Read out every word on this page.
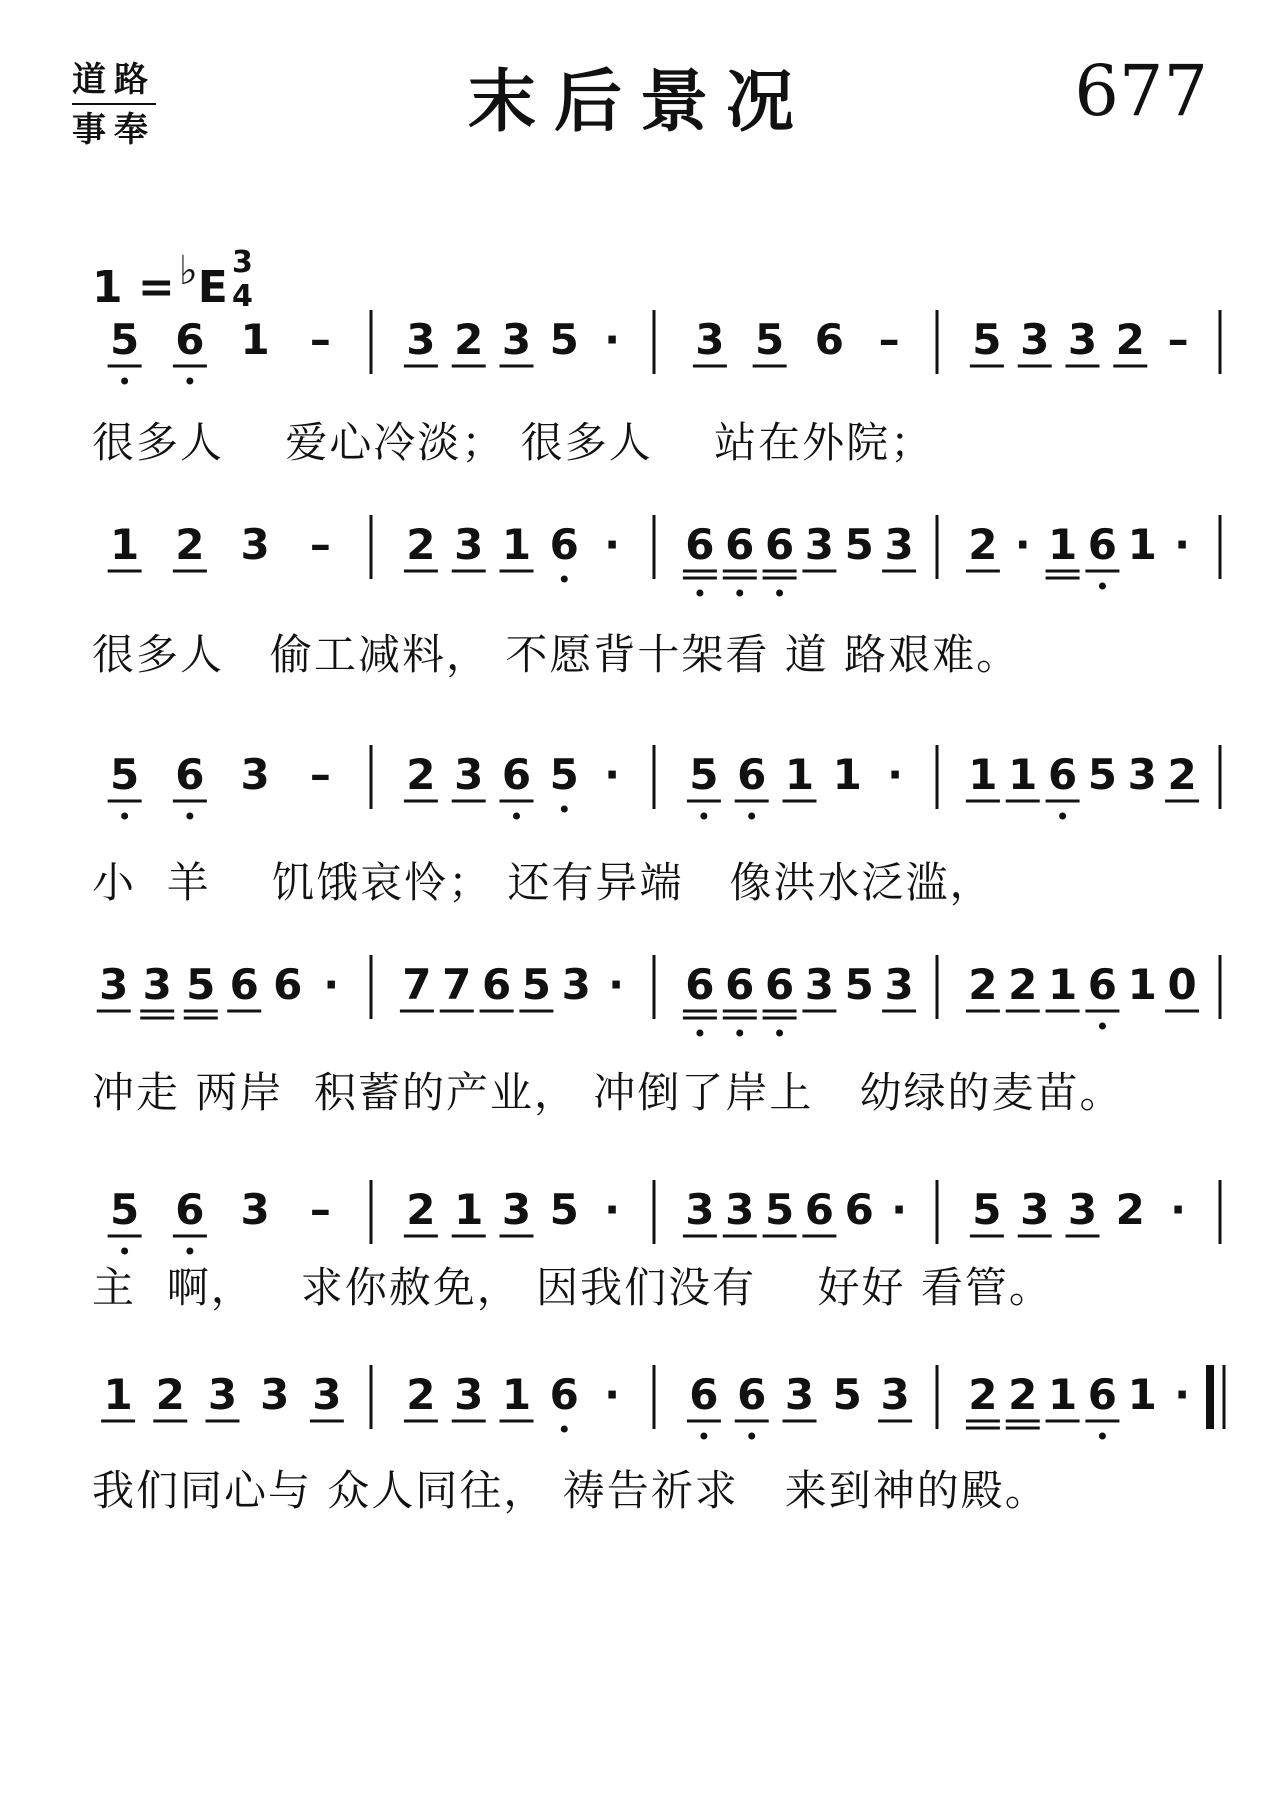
道路
事奉	末后景况	677
1 = ♭E 3
4
5 6 1 – 3 2 3 5 · 3 5 6 – 5 3 3 2 –
很多人    爱心冷淡； 很多人    站在外院；
1 2 3 – 2 3 1 6 · 6 6 6 3 5 3 2 · 1 6 1 ·
很多人   偷工减料， 不愿背十架看 道 路艰难。
5 6 3 – 2 3 6 5 · 5 6 1 1 · 1 1 6 5 3 2
小  羊    饥饿哀怜； 还有异端   像洪水泛滥，
3 3 5 6 6 · 7 7 6 5 3 · 6 6 6 3 5 3 2 2 1 6 1 0
冲走 两岸  积蓄的产业， 冲倒了岸上   幼绿的麦苗。
5 6 3 – 2 1 3 5 · 3 3 5 6 6 · 5 3 3 2 ·
主  啊，   求你赦免， 因我们没有    好好 看管。
1 2 3 3 3 2 3 1 6 · 6 6 3 5 3 2 2 1 6 1 ·
我们同心与 众人同往， 祷告祈求   来到神的殿。
